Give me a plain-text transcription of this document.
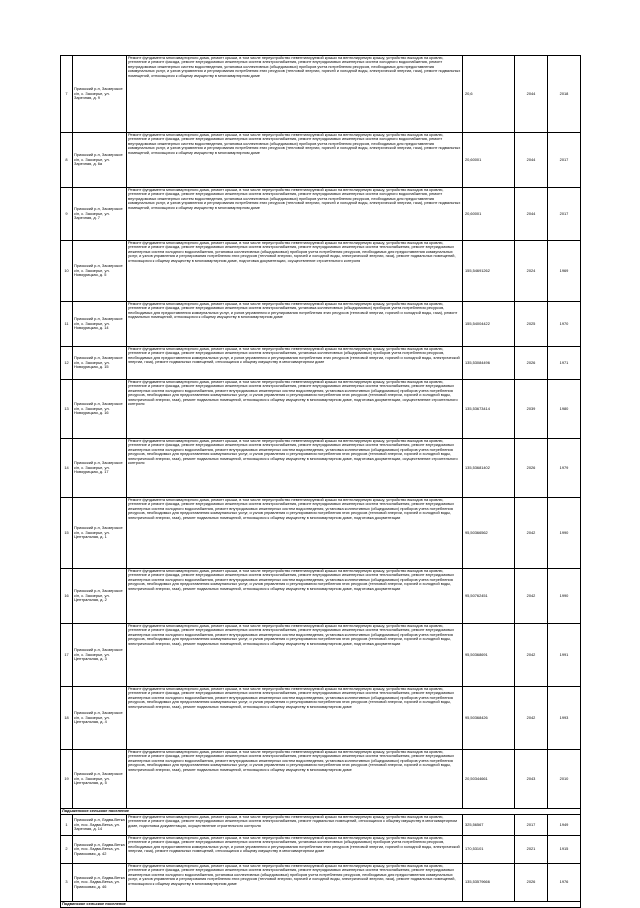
7	Приокский р-н, Заозерское с/п, с. Заозерье, ул. Заречная, д. 9	Ремонт фундамента многоквартирного дома, ремонт крыши, в том числе переустройство невентилируемой крыши на вентилируемую крышу, устройство выходов на кровлю, утепление и ремонт фасада, ремонт внутридомовых инженерных систем электроснабжения, ремонт внутридомовых инженерных систем холодного водоснабжения, ремонт внутридомовых инженерных систем водоотведения, установка коллективных (общедомовых) приборов учета потребления ресурсов, необходимых для предоставления коммунальных услуг, и узлов управления и регулирования потребления этих ресурсов (тепловой энергии, горячей и холодной воды, электрической энергии, газа), ремонт подвальных помещений, относящихся к общему имуществу в многоквартирном доме	20,6	2044	2018

8	Приокский р-н, Заозерское с/п, с. Заозерье, ул. Заречная, д. 6а	Ремонт фундамента многоквартирного дома, ремонт крыши, в том числе переустройство невентилируемой крыши на вентилируемую крышу, устройство выходов на кровлю, утепление и ремонт фасада, ремонт внутридомовых инженерных систем электроснабжения, ремонт внутридомовых инженерных систем холодного водоснабжения, ремонт внутридомовых инженерных систем водоотведения, установка коллективных (общедомовых) приборов учета потребления ресурсов, необходимых для предоставления коммунальных услуг, и узлов управления и регулирования потребления этих ресурсов (тепловой энергии, горячей и холодной воды, электрической энергии, газа), ремонт подвальных помещений, относящихся к общему имуществу в многоквартирном доме	20,60001	2044	2017

9	Приокский р-н, Заозерское с/п, с. Заозерье, ул. Заречная, д. 7	Ремонт фундамента многоквартирного дома, ремонт крыши, в том числе переустройство невентилируемой крыши на вентилируемую крышу, устройство выходов на кровлю, утепление и ремонт фасада, ремонт внутридомовых инженерных систем электроснабжения, ремонт внутридомовых инженерных систем холодного водоснабжения, ремонт внутридомовых инженерных систем водоотведения, установка коллективных (общедомовых) приборов учета потребления ресурсов, необходимых для предоставления коммунальных услуг, и узлов управления и регулирования потребления этих ресурсов (тепловой энергии, горячей и холодной воды, электрической энергии, газа), ремонт подвальных помещений, относящихся к общему имуществу в многоквартирном доме	20,60001	2044	2017

10	Приокский р-н, Заозерское с/п, с. Заозерье, ул. Новоурицкая, д. 5	Ремонт фундамента многоквартирного дома, ремонт крыши, в том числе переустройство невентилируемой крыши на вентилируемую крышу, устройство выходов на кровлю, утепление и ремонт фасада, ремонт внутридомовых инженерных систем электроснабжения, ремонт внутридомовых инженерных систем теплоснабжения, ремонт внутридомовых инженерных систем холодного водоснабжения, установка коллективных (общедомовых) приборов учета потребления ресурсов, необходимых для предоставления коммунальных услуг, и узлов управления и регулирования потребления этих ресурсов (тепловой энергии, горячей и холодной воды, электрической энергии, газа), ремонт подвальных помещений, относящихся к общему имуществу в многоквартирном доме, подготовка документации, осуществление строительного контроля	155,54691262	2024	1969

11	Приокский р-н, Заозерское с/п, с. Заозерье, ул. Новоурицкая, д. 14	Ремонт фундамента многоквартирного дома, ремонт крыши, в том числе переустройство невентилируемой крыши на вентилируемую крышу, устройство выходов на кровлю, утепление и ремонт фасада, ремонт внутридомовых инженерных систем электроснабжения, установка коллективных (общедомовых) приборов учета потребления ресурсов, необходимых для предоставления коммунальных услуг, и узлов управления и регулирования потребления этих ресурсов (тепловой энергии, горячей и холодной воды, газа), ремонт подвальных помещений, относящихся к общему имуществу в многоквартирном доме	155,54004422	2025	1970

12	Приокский р-н, Заозерское с/п, с. Заозерье, ул. Новоурицкая, д. 15	Ремонт фундамента многоквартирного дома, ремонт крыши, в том числе переустройство невентилируемой крыши на вентилируемую крышу, устройство выходов на кровлю, утепление и ремонт фасада, ремонт внутридомовых инженерных систем электроснабжения, установка коллективных (общедомовых) приборов учета потребления ресурсов, необходимых для предоставления коммунальных услуг, и узлов управления и регулирования потребления этих ресурсов (тепловой энергии, горячей и холодной воды, электрической энергии, газа), ремонт подвальных помещений, относящихся к общему имуществу в многоквартирном доме	135,53084496	2026	1971

13	Приокский р-н, Заозерское с/п, с. Заозерье, ул. Новоурицкая, д. 16	Ремонт фундамента многоквартирного дома, ремонт крыши, в том числе переустройство невентилируемой крыши на вентилируемую крышу, устройство выходов на кровлю, утепление и ремонт фасада, ремонт внутридомовых инженерных систем электроснабжения, ремонт внутридомовых инженерных систем теплоснабжения, ремонт внутридомовых инженерных систем холодного водоснабжения, ремонт внутридомовых инженерных систем водоотведения, установка коллективных (общедомовых) приборов учета потребления ресурсов, необходимых для предоставления коммунальных услуг, и узлов управления и регулирования потребления этих ресурсов (тепловой энергии, горячей и холодной воды, электрической энергии, газа), ремонт подвальных помещений, относящихся к общему имуществу в многоквартирном доме, подготовка документации, осуществление строительного контроля	135,53673414	2039	1980

14	Приокский р-н, Заозерское с/п, с. Заозерье, ул. Новоурицкая, д. 17	Ремонт фундамента многоквартирного дома, ремонт крыши, в том числе переустройство невентилируемой крыши на вентилируемую крышу, устройство выходов на кровлю, утепление и ремонт фасада, ремонт внутридомовых инженерных систем электроснабжения, ремонт внутридомовых инженерных систем теплоснабжения, ремонт внутридомовых инженерных систем холодного водоснабжения, ремонт внутридомовых инженерных систем водоотведения, установка коллективных (общедомовых) приборов учета потребления ресурсов, необходимых для предоставления коммунальных услуг, и узлов управления и регулирования потребления этих ресурсов (тепловой энергии, горячей и холодной воды, электрической энергии, газа), ремонт подвальных помещений, относящихся к общему имуществу в многоквартирном доме, подготовка документации, осуществление строительного контроля	135,53681402	2026	1979

15	Приокский р-н, Заозерское с/п, с. Заозерье, ул. Центральная, д. 1	Ремонт фундамента многоквартирного дома, ремонт крыши, в том числе переустройство невентилируемой крыши на вентилируемую крышу, устройство выходов на кровлю, утепление и ремонт фасада, ремонт внутридомовых инженерных систем электроснабжения, ремонт внутридомовых инженерных систем теплоснабжения, ремонт внутридомовых инженерных систем холодного водоснабжения, ремонт внутридомовых инженерных систем водоотведения, установка коллективных (общедомовых) приборов учета потребления ресурсов, необходимых для предоставления коммунальных услуг, и узлов управления и регулирования потребления этих ресурсов (тепловой энергии, горячей и холодной воды, электрической энергии, газа), ремонт подвальных помещений, относящихся к общему имуществу в многоквартирном доме, подготовка документации	95,50366562	2042	1990

16	Приокский р-н, Заозерское с/п, с. Заозерье, ул. Центральная, д. 2	Ремонт фундамента многоквартирного дома, ремонт крыши, в том числе переустройство невентилируемой крыши на вентилируемую крышу, устройство выходов на кровлю, утепление и ремонт фасада, ремонт внутридомовых инженерных систем электроснабжения, ремонт внутридомовых инженерных систем теплоснабжения, ремонт внутридомовых инженерных систем холодного водоснабжения, ремонт внутридомовых инженерных систем водоотведения, установка коллективных (общедомовых) приборов учета потребления ресурсов, необходимых для предоставления коммунальных услуг, и узлов управления и регулирования потребления этих ресурсов (тепловой энергии, горячей и холодной воды, электрической энергии, газа), ремонт подвальных помещений, относящихся к общему имуществу в многоквартирном доме, подготовка документации	95,50762451	2042	1990

17	Приокский р-н, Заозерское с/п, с. Заозерье, ул. Центральная, д. 3	Ремонт фундамента многоквартирного дома, ремонт крыши, в том числе переустройство невентилируемой крыши на вентилируемую крышу, устройство выходов на кровлю, утепление и ремонт фасада, ремонт внутридомовых инженерных систем электроснабжения, ремонт внутридомовых инженерных систем теплоснабжения, ремонт внутридомовых инженерных систем холодного водоснабжения, ремонт внутридомовых инженерных систем водоотведения, установка коллективных (общедомовых) приборов учета потребления ресурсов, необходимых для предоставления коммунальных услуг, и узлов управления и регулирования потребления этих ресурсов (тепловой энергии, горячей и холодной воды, электрической энергии, газа), ремонт подвальных помещений, относящихся к общему имуществу в многоквартирном доме, подготовка документации	95,50368691	2042	1991

18	Приокский р-н, Заозерское с/п, с. Заозерье, ул. Центральная, д. 4	Ремонт фундамента многоквартирного дома, ремонт крыши, в том числе переустройство невентилируемой крыши на вентилируемую крышу, устройство выходов на кровлю, утепление и ремонт фасада, ремонт внутридомовых инженерных систем электроснабжения, ремонт внутридомовых инженерных систем теплоснабжения, ремонт внутридомовых инженерных систем холодного водоснабжения, ремонт внутридомовых инженерных систем водоотведения, установка коллективных (общедомовых) приборов учета потребления ресурсов, необходимых для предоставления коммунальных услуг, и узлов управления и регулирования потребления этих ресурсов (тепловой энергии, горячей и холодной воды, электрической энергии, газа), ремонт подвальных помещений, относящихся к общему имуществу в многоквартирном доме	95,50368426	2042	1993

19	Приокский р-н, Заозерское с/п, с. Заозерье, ул. Центральная, д. 5	Ремонт фундамента многоквартирного дома, ремонт крыши, в том числе переустройство невентилируемой крыши на вентилируемую крышу, устройство выходов на кровлю, утепление и ремонт фасада, ремонт внутридомовых инженерных систем электроснабжения, ремонт внутридомовых инженерных систем теплоснабжения, ремонт внутридомовых инженерных систем холодного водоснабжения, ремонт внутридомовых инженерных систем водоотведения, установка коллективных (общедомовых) приборов учета потребления ресурсов, необходимых для предоставления коммунальных услуг, и узлов управления и регулирования потребления этих ресурсов (тепловой энергии, горячей и холодной воды, электрической энергии, газа), ремонт подвальных помещений, относящихся к общему имуществу в многоквартирном доме	20,50344661	2043	2010

Ладыженское сельское поселение					

1	Приокский р-н, Ладва-Ветка с/п, пос. Ладва-Ветка, ул. Заречная, д. 14	Ремонт фундамента многоквартирного дома, ремонт крыши, в том числе переустройство невентилируемой крыши на вентилируемую крышу, устройство выходов на кровлю, утепление и ремонт фасада, ремонт внутридомовых инженерных систем электроснабжения, ремонт подвальных помещений, относящихся к общему имуществу в многоквартирном доме, подготовка документации, осуществление строительного контроля	325,56567	2017	1949

2	Приокский р-н, Ладва-Ветка с/п, пос. Ладва-Ветка, ул. Приисковая, д. 42	Ремонт фундамента многоквартирного дома, ремонт крыши, в том числе переустройство невентилируемой крыши на вентилируемую крышу, устройство выходов на кровлю, утепление и ремонт фасада, ремонт внутридомовых инженерных систем электроснабжения, установка коллективных (общедомовых) приборов учета потребления ресурсов, необходимых для предоставления коммунальных услуг, и узлов управления и регулирования потребления этих ресурсов (тепловой энергии, горячей и холодной воды, электрической энергии, газа), ремонт подвальных помещений, относящихся к общему имуществу в многоквартирном доме	170,53101	2021	1915

3	Приокский р-н, Ладва-Ветка с/п, пос. Ладва-Ветка, ул. Приисковая, д. 46	Ремонт фундамента многоквартирного дома, ремонт крыши, в том числе переустройство невентилируемой крыши на вентилируемую крышу, устройство выходов на кровлю, утепление и ремонт фасада, ремонт внутридомовых инженерных систем электроснабжения, ремонт внутридомовых инженерных систем теплоснабжения, ремонт внутридомовых инженерных систем холодного водоснабжения, установка коллективных (общедомовых) приборов учета потребления ресурсов, необходимых для предоставления коммунальных услуг, и узлов управления и регулирования потребления этих ресурсов (тепловой энергии, горячей и холодной воды, электрической энергии, газа), ремонт подвальных помещений, относящихся к общему имуществу в многоквартирном доме	135,53579666	2026	1976

Подвинское сельское поселение					
